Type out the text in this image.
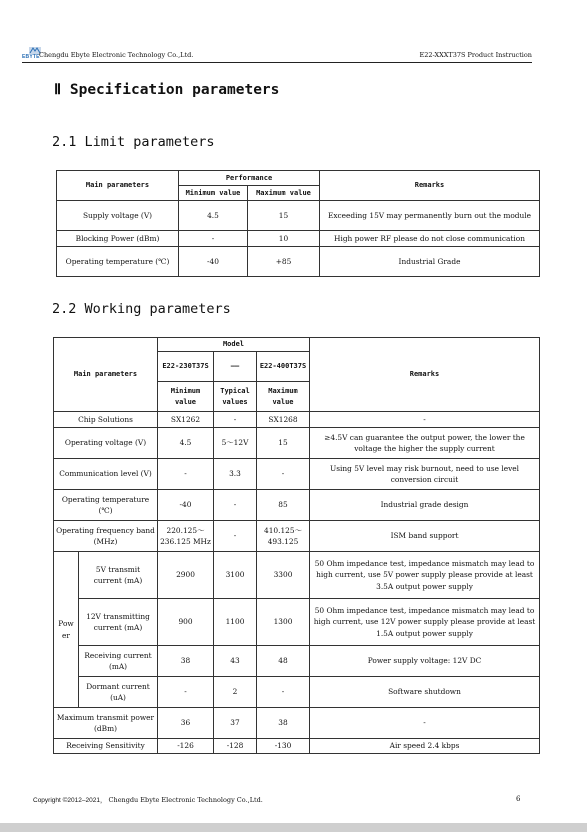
EBYTE Chengdu Ebyte Electronic Technology Co.,Ltd.	E22-XXXT37S Product Instruction
Ⅱ Specification parameters
2.1 Limit parameters
Main parameters	Performance		Remarks
	Minimum value	Maximum value	
Supply voltage (V)	4.5	15	Exceeding 15V may permanently burn out the module
Blocking Power (dBm)	-	10	High power RF please do not close communication
Operating temperature (℃)	-40	+85	Industrial Grade
2.2 Working parameters
Main parameters		Model			Remarks
		E22-230T37S	——	E22-400T37S	
		Minimum value	Typical values	Maximum value	
Chip Solutions		SX1262	-	SX1268	-
Operating voltage (V)		4.5	5～12V	15	≥4.5V can guarantee the output power, the lower the voltage the higher the supply current
Communication level (V)		-	3.3	-	Using 5V level may risk burnout, need to use level conversion circuit
Operating temperature (℃)		-40	-	85	Industrial grade design
Operating frequency band (MHz)		220.125～236.125 MHz	-	410.125～493.125	ISM band support
Power	5V transmit current (mA)	2900	3100	3300	50 Ohm impedance test, impedance mismatch may lead to high current, use 5V power supply please provide at least 3.5A output power supply
	12V transmitting current (mA)	900	1100	1300	50 Ohm impedance test, impedance mismatch may lead to high current, use 12V power supply please provide at least 1.5A output power supply
	Receiving current (mA)	38	43	48	Power supply voltage: 12V DC
	Dormant current (uA)	-	2	-	Software shutdown
Maximum transmit power (dBm)		36	37	38	-
Receiving Sensitivity		-126	-128	-130	Air speed 2.4 kbps
Copyright ©2012–2021， Chengdu Ebyte Electronic Technology Co.,Ltd.	6
